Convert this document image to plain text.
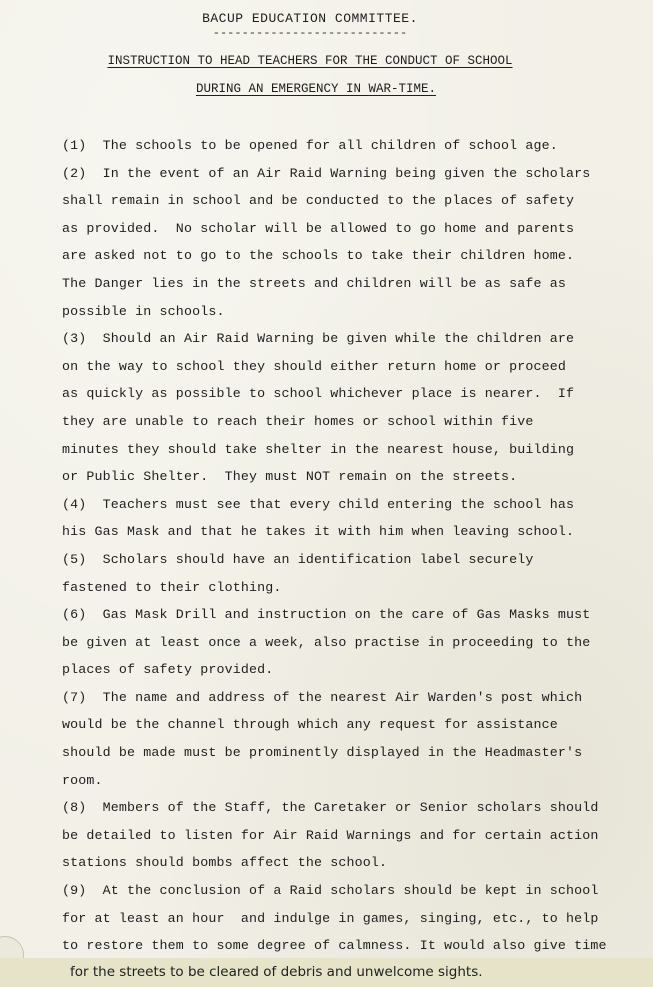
BACUP EDUCATION COMMITTEE.
---------------------------
INSTRUCTION TO HEAD TEACHERS FOR THE CONDUCT OF SCHOOL
DURING AN EMERGENCY IN WAR-TIME.
(1)  The schools to be opened for all children of school age.
(2)  In the event of an Air Raid Warning being given the scholars
shall remain in school and be conducted to the places of safety
as provided.  No scholar will be allowed to go home and parents
are asked not to go to the schools to take their children home.
The Danger lies in the streets and children will be as safe as
possible in schools.
(3)  Should an Air Raid Warning be given while the children are
on the way to school they should either return home or proceed
as quickly as possible to school whichever place is nearer.  If
they are unable to reach their homes or school within five
minutes they should take shelter in the nearest house, building
or Public Shelter.  They must NOT remain on the streets.
(4)  Teachers must see that every child entering the school has
his Gas Mask and that he takes it with him when leaving school.
(5)  Scholars should have an identification label securely
fastened to their clothing.
(6)  Gas Mask Drill and instruction on the care of Gas Masks must
be given at least once a week, also practise in proceeding to the
places of safety provided.
(7)  The name and address of the nearest Air Warden's post which
would be the channel through which any request for assistance
should be made must be prominently displayed in the Headmaster's
room.
(8)  Members of the Staff, the Caretaker or Senior scholars should
be detailed to listen for Air Raid Warnings and for certain action
stations should bombs affect the school.
(9)  At the conclusion of a Raid scholars should be kept in school
for at least an hour  and indulge in games, singing, etc., to help
to restore them to some degree of calmness. It would also give time
for the streets to be cleared of debris and unwelcome sights.
